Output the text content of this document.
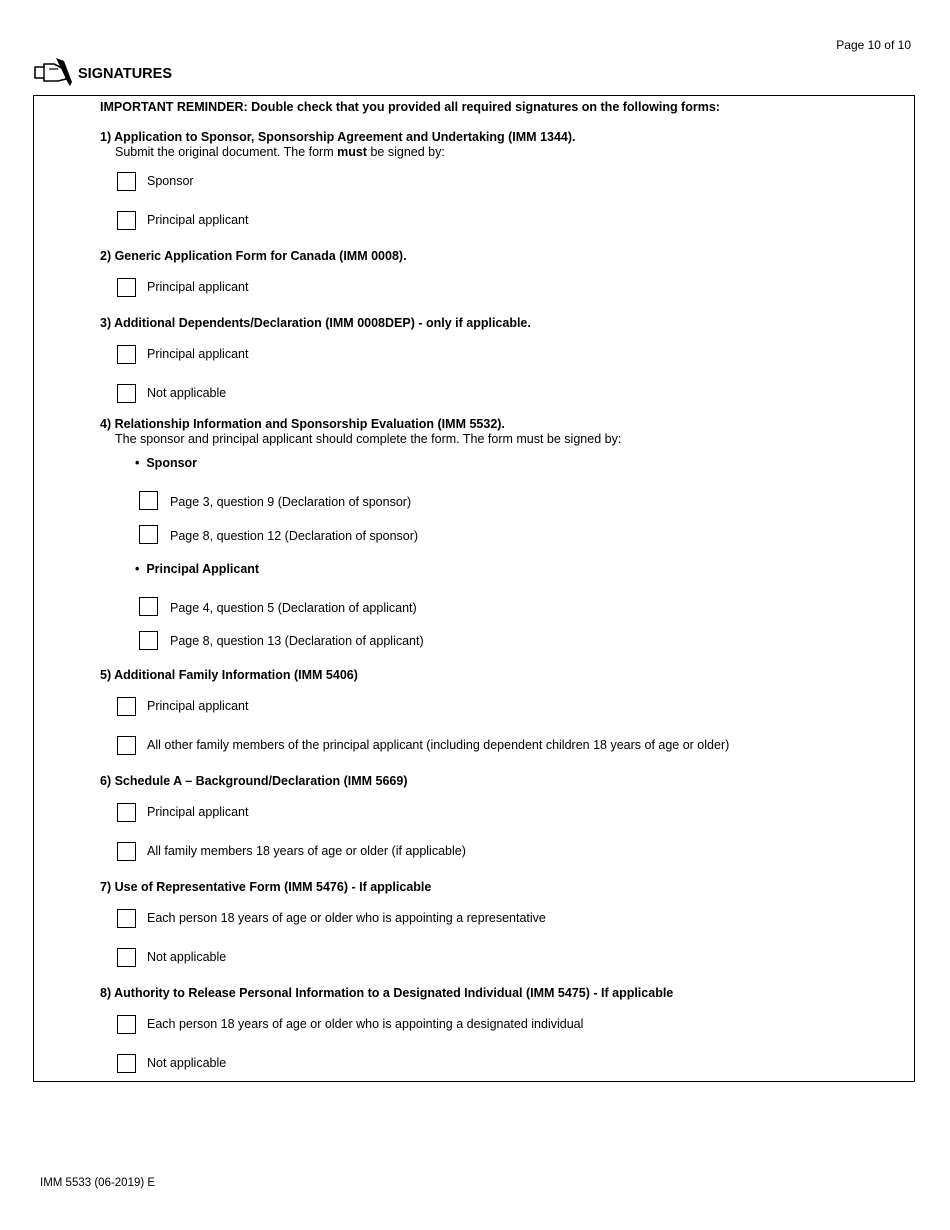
Page 10 of 10
SIGNATURES
IMPORTANT REMINDER: Double check that you provided all required signatures on the following forms:
1) Application to Sponsor, Sponsorship Agreement and Undertaking (IMM 1344).
Submit the original document. The form must be signed by:
Sponsor
Principal applicant
2) Generic Application Form for Canada (IMM 0008).
Principal applicant
3) Additional Dependents/Declaration (IMM 0008DEP) - only if applicable.
Principal applicant
Not applicable
4) Relationship Information and Sponsorship Evaluation (IMM 5532).
The sponsor and principal applicant should complete the form. The form must be signed by:
• Sponsor
Page 3, question 9 (Declaration of sponsor)
Page 8, question 12 (Declaration of sponsor)
• Principal Applicant
Page 4, question 5 (Declaration of applicant)
Page 8, question 13 (Declaration of applicant)
5) Additional Family Information (IMM 5406)
Principal applicant
All other family members of the principal applicant (including dependent children 18 years of age or older)
6) Schedule A – Background/Declaration (IMM 5669)
Principal applicant
All family members 18 years of age or older (if applicable)
7) Use of Representative Form (IMM 5476) - If applicable
Each person 18 years of age or older who is appointing a representative
Not applicable
8) Authority to Release Personal Information to a Designated Individual (IMM 5475) - If applicable
Each person 18 years of age or older who is appointing a designated individual
Not applicable
IMM 5533 (06-2019) E
